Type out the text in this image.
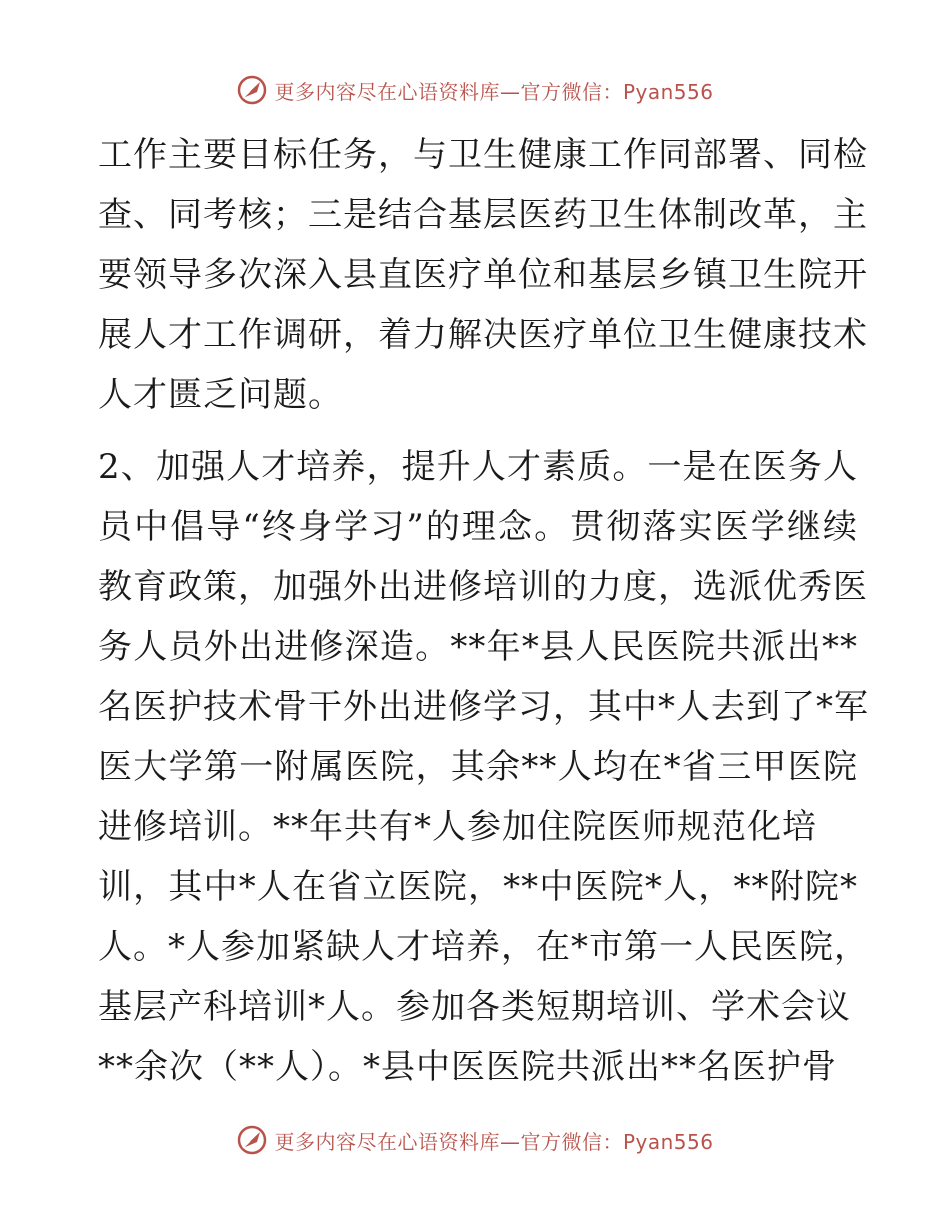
更多内容尽在心语资料库—官方微信：Pyan556
工作主要目标任务，与卫生健康工作同部署、同检
查、同考核；三是结合基层医药卫生体制改革，主
要领导多次深入县直医疗单位和基层乡镇卫生院开
展人才工作调研，着力解决医疗单位卫生健康技术
人才匮乏问题。
2、加强人才培养，提升人才素质。一是在医务人
员中倡导“终身学习”的理念。贯彻落实医学继续
教育政策，加强外出进修培训的力度，选派优秀医
务人员外出进修深造。**年*县人民医院共派出**
名医护技术骨干外出进修学习，其中*人去到了*军
医大学第一附属医院，其余**人均在*省三甲医院
进修培训。**年共有*人参加住院医师规范化培
训，其中*人在省立医院，**中医院*人，**附院*
人。*人参加紧缺人才培养，在*市第一人民医院，
基层产科培训*人。参加各类短期培训、学术会议
**余次（**人）。*县中医医院共派出**名医护骨
更多内容尽在心语资料库—官方微信：Pyan556
